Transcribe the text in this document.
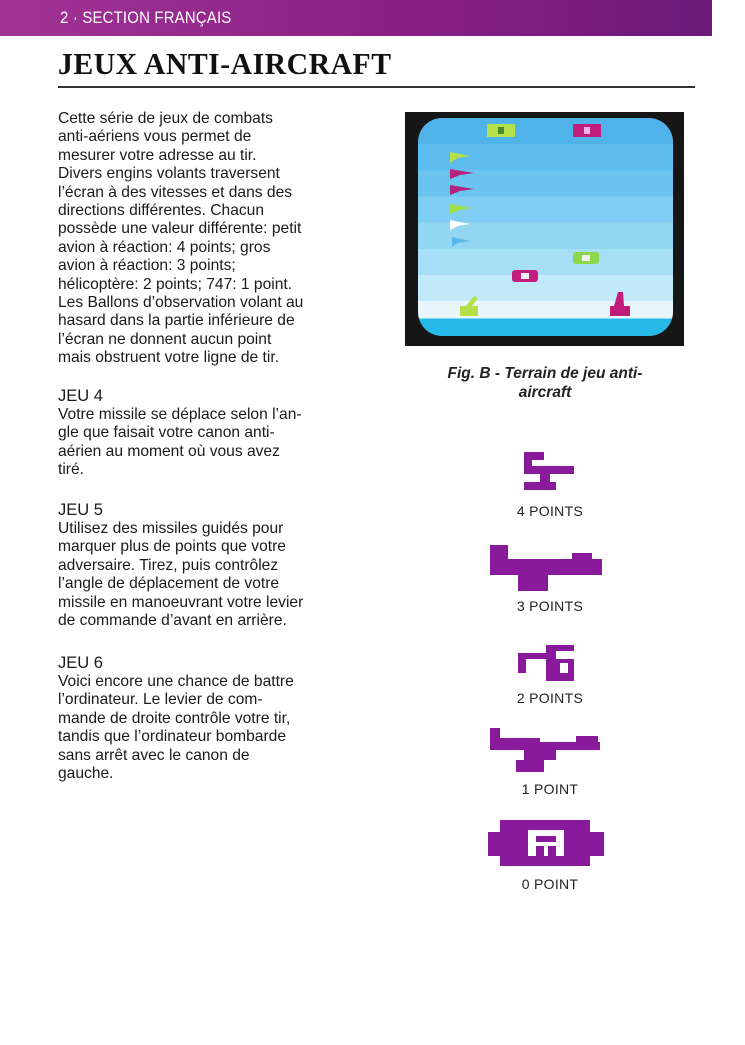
2 · SECTION FRANÇAIS
JEUX ANTI-AIRCRAFT

Cette série de jeux de combats
anti-aériens vous permet de
mesurer votre adresse au tir.
Divers engins volants traversent
l’écran à des vitesses et dans des
directions différentes. Chacun
possède une valeur différente: petit
avion à réaction: 4 points; gros
avion à réaction: 3 points;
hélicoptère: 2 points; 747: 1 point.
Les Ballons d’observation volant au
hasard dans la partie inférieure de
l’écran ne donnent aucun point
mais obstruent votre ligne de tir.

JEU 4

Votre missile se déplace selon l’an-
gle que faisait votre canon anti-
aérien au moment où vous avez
tiré.

JEU 5

Utilisez des missiles guidés pour
marquer plus de points que votre
adversaire. Tirez, puis contrôlez
l’angle de déplacement de votre
missile en manoeuvrant votre levier
de commande d’avant en arrière.

JEU 6

Voici encore une chance de battre
l’ordinateur. Le levier de com-
mande de droite contrôle votre tir,
tandis que l’ordinateur bombarde
sans arrêt avec le canon de
gauche.

Fig. B - Terrain de jeu anti-
aircraft
4 POINTS
3 POINTS
2 POINTS
1 POINT
0 POINT
